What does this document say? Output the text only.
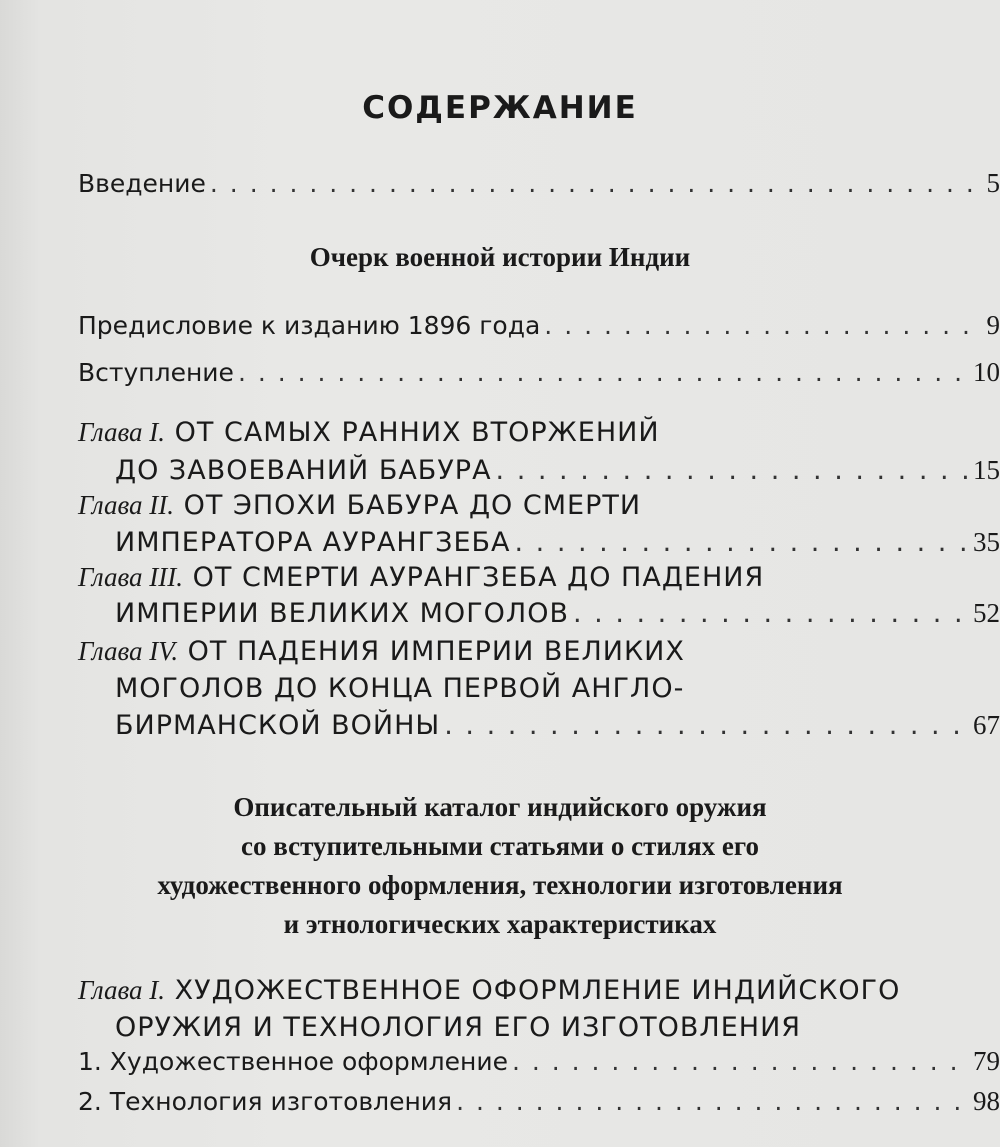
СОДЕРЖАНИЕ
Введение . . .	5
Очерк военной истории Индии
Предисловие к изданию 1896 года . . .	9
Вступление . . .	10
Глава I. ОТ САМЫХ РАННИХ ВТОРЖЕНИЙ
ДО ЗАВОЕВАНИЙ БАБУРА . . .	15
Глава II. ОТ ЭПОХИ БАБУРА ДО СМЕРТИ
ИМПЕРАТОРА АУРАНГЗЕБА . . .	35
Глава III. ОТ СМЕРТИ АУРАНГЗЕБА ДО ПАДЕНИЯ
ИМПЕРИИ ВЕЛИКИХ МОГОЛОВ . . .	52
Глава IV. ОТ ПАДЕНИЯ ИМПЕРИИ ВЕЛИКИХ
МОГОЛОВ ДО КОНЦА ПЕРВОЙ АНГЛО-
БИРМАНСКОЙ ВОЙНЫ . . .	67
Описательный каталог индийского оружия
со вступительными статьями о стилях его
художественного оформления, технологии изготовления
и этнологических характеристиках
Глава I. ХУДОЖЕСТВЕННОЕ ОФОРМЛЕНИЕ ИНДИЙСКОГО
ОРУЖИЯ И ТЕХНОЛОГИЯ ЕГО ИЗГОТОВЛЕНИЯ
1. Художественное оформление . . .	79
2. Технология изготовления . . .	98
